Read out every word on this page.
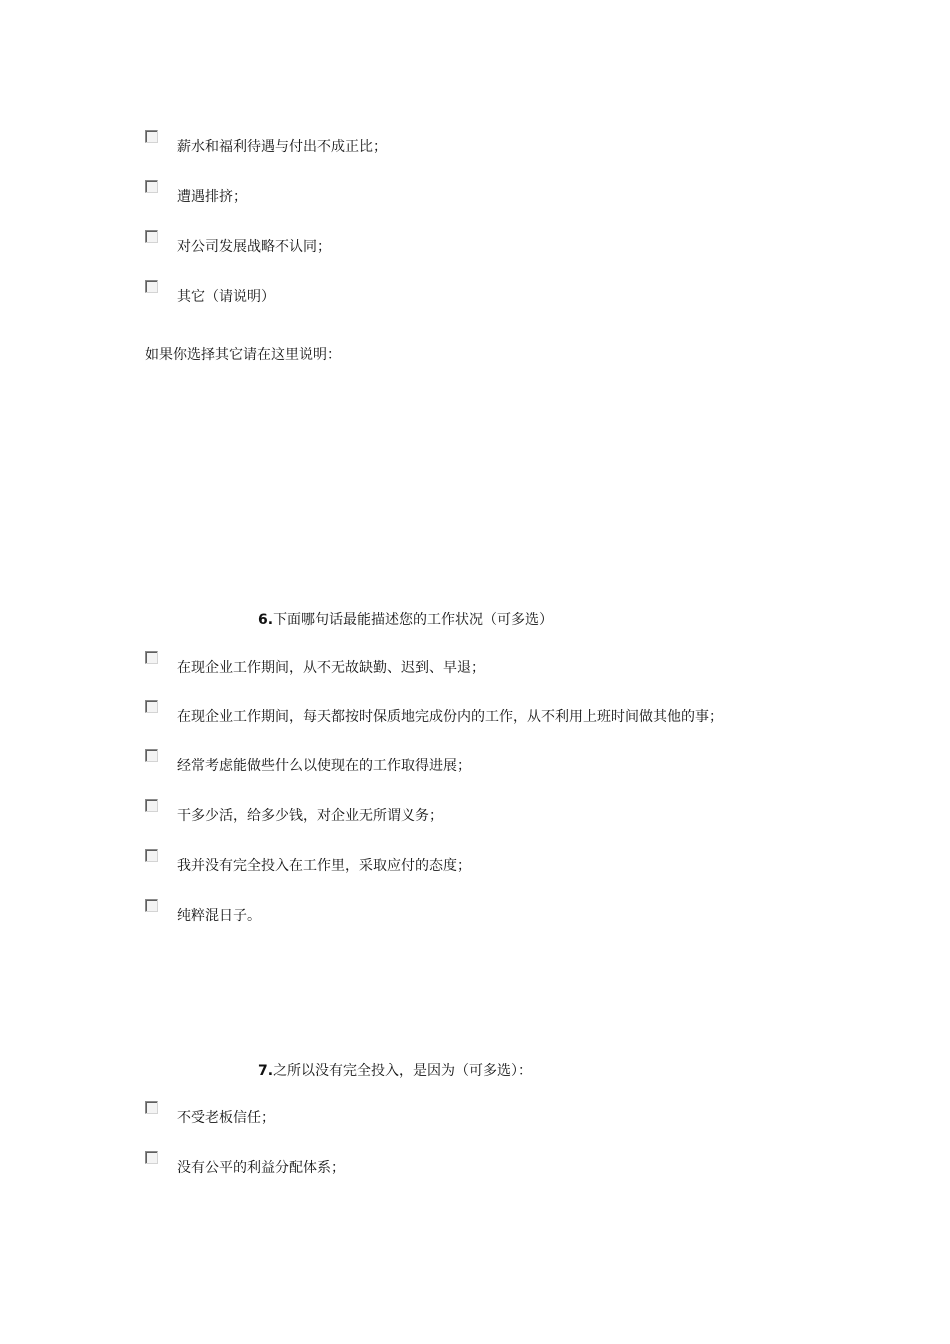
薪水和福利待遇与付出不成正比；
遭遇排挤；
对公司发展战略不认同；
其它（请说明）
如果你选择其它请在这里说明：
6.下面哪句话最能描述您的工作状况（可多选）
在现企业工作期间，从不无故缺勤、迟到、早退；
在现企业工作期间，每天都按时保质地完成份内的工作，从不利用上班时间做其他的事；
经常考虑能做些什么以使现在的工作取得进展；
干多少活，给多少钱，对企业无所谓义务；
我并没有完全投入在工作里，采取应付的态度；
纯粹混日子。
7.之所以没有完全投入，是因为（可多选）：
不受老板信任；
没有公平的利益分配体系；
